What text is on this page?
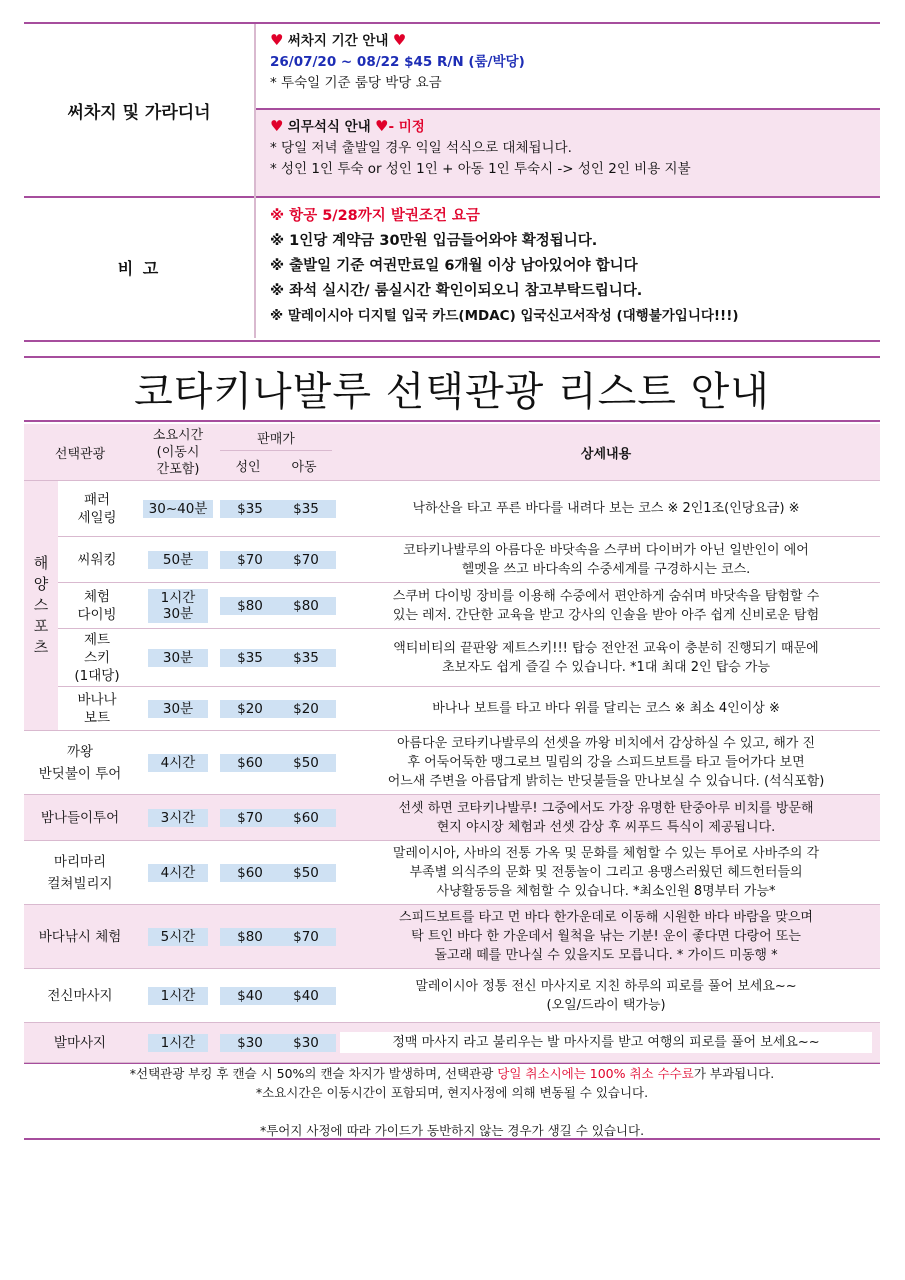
써차지 및 가라디너	♥ 써차지 기간 안내 ♥
26/07/20 ~ 08/22 $45 R/N (룸/박당)
* 투숙일 기준 룸당 박당 요금

	♥ 의무석식 안내 ♥- 미정
* 당일 저녁 출발일 경우 익일 석식으로 대체됩니다.
* 성인 1인 투숙 or 성인 1인 + 아동 1인 투숙시 -> 성인 2인 비용 지불

비 고	※ 항공 5/28까지 발권조건 요금
※ 1인당 계약금 30만원 입금들어와야 확정됩니다.
※ 출발일 기준 여권만료일 6개월 이상 남아있어야 합니다
※ 좌석 실시간/ 룸실시간 확인이되오니 참고부탁드립니다.
※ 말레이시아 디지털 입국 카드(MDAC) 입국신고서작성 (대행불가입니다!!!)
코타키나발루 선택관광 리스트 안내
선택관광		소요시간
(이동시
간포함)	판매가		상세내용
			성인	아동	
해
양
스
포
츠	패러
세일링	30~40분	$35	$35	낙하산을 타고 푸른 바다를 내려다 보는 코스 ※ 2인1조(인당요금) ※

	씨워킹	50분	$70	$70	코타키나발루의 아름다운 바닷속을 스쿠버 다이버가 아닌 일반인이 에어
헬멧을 쓰고 바다속의 수중세계를 구경하시는 코스.
	체험
다이빙	1시간
30분	$80	$80	스쿠버 다이빙 장비를 이용해 수중에서 편안하게 숨쉬며 바닷속을 탐험할 수
있는 레저. 간단한 교육을 받고 강사의 인솔을 받아 아주 쉽게 신비로운 탐험
	제트
스키
(1대당)	30분	$35	$35	액티비티의 끝판왕 제트스키!!! 탑승 전안전 교육이 충분히 진행되기 때문에
초보자도 쉽게 즐길 수 있습니다. *1대 최대 2인 탑승 가능
	바나나
보트	30분	$20	$20	바나나 보트를 타고 바다 위를 달리는 코스 ※ 최소 4인이상 ※

까왕
반딧불이 투어		4시간	$60	$50	아름다운 코타키나발루의 선셋을 까왕 비치에서 감상하실 수 있고, 해가 진
후 어둑어둑한 맹그로브 밀림의 강을 스피드보트를 타고 들어가다 보면
어느새 주변을 아름답게 밝히는 반딧불들을 만나보실 수 있습니다. (석식포함)
밤나들이투어		3시간	$70	$60	선셋 하면 코타키나발루! 그중에서도 가장 유명한 탄중아루 비치를 방문해
현지 야시장 체험과 선셋 감상 후 씨푸드 특식이 제공됩니다.
마리마리
컬쳐빌리지		4시간	$60	$50	말레이시아, 사바의 전통 가옥 및 문화를 체험할 수 있는 투어로 사바주의 각
부족별 의식주의 문화 및 전통놀이 그리고 용맹스러웠던 헤드헌터들의
사냥활동등을 체험할 수 있습니다. *최소인원 8명부터 가능*
바다낚시 체험		5시간	$80	$70	스피드보트를 타고 먼 바다 한가운데로 이동해 시원한 바다 바람을 맞으며
탁 트인 바다 한 가운데서 월척을 낚는 기분! 운이 좋다면 다랑어 또는
돌고래 떼를 만나실 수 있을지도 모릅니다. * 가이드 미동행 *
전신마사지		1시간	$40	$40	말레이시아 정통 전신 마사지로 지친 하루의 피로를 풀어 보세요~~
(오일/드라이 택가능)
발마사지		1시간	$30	$30	정맥 마사지 라고 불리우는 발 마사지를 받고 여행의 피로를 풀어 보세요~~
*선택관광 부킹 후 캔슬 시 50%의 캔슬 차지가 발생하며, 선택관광 당일 취소시에는 100% 취소 수수료가 부과됩니다.
*소요시간은 이동시간이 포함되며, 현지사정에 의해 변동될 수 있습니다.
*투어지 사정에 따라 가이드가 동반하지 않는 경우가 생길 수 있습니다.
